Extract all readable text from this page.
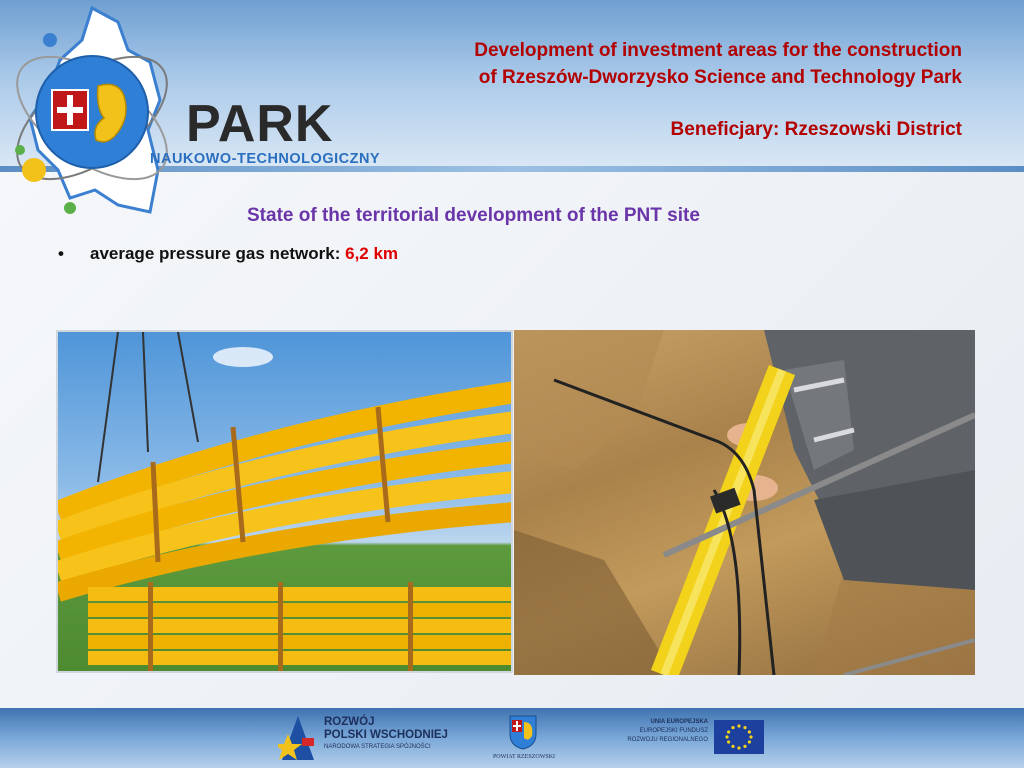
PARK
NAUKOWO-TECHNOLOGICZNY
Development of investment areas for the construction
of Rzeszów-Dworzysko Science and Technology Park
Beneficjary: Rzeszowski District
State of the territorial development of the PNT site
• average pressure gas network: 6,2 km
ROZWÓJ
POLSKI WSCHODNIEJ
NARODOWA STRATEGIA SPÓJNOŚCI
POWIAT RZESZOWSKI
UNIA EUROPEJSKA
EUROPEJSKI FUNDUSZ
ROZWOJU REGIONALNEGO
